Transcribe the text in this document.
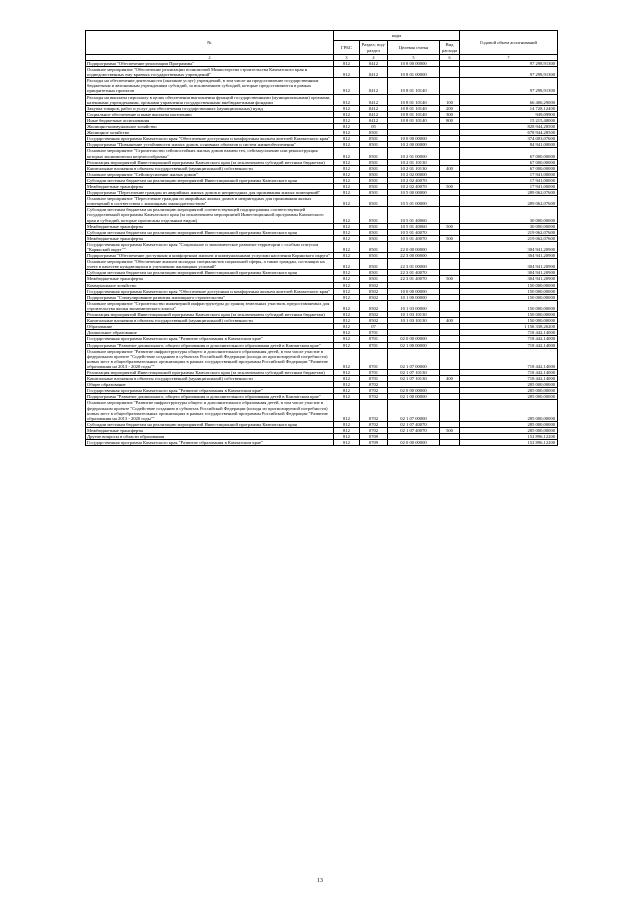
№	коды				Годовой объем ассигнований
	ГРБС	Раздел, под-раздел	Целевая статья	Вид расхода	
2	3	4	5	6	7
Подпрограмма "Обеспечение реализации Программы"	812	0412	10 8 00 00000		97 298,91300
Основное мероприятие "Обеспечение реализации полномочий Министерства строительства Камчатского края и подведомственных ему краевых государственных учреждений"	812	0412	10 8 01 00000		97 298,91300
Расходы на обеспечение деятельности (оказание услуг) учреждений, в том числе на предоставление государственным бюджетным и автономным учреждениям субсидий, за исключением субсидий, которые предоставляются в рамках приоритетных проектов	812	0412	10 8 01 10140		97 298,91300
Расходы на выплаты персоналу в целях обеспечения выполнения функций государственными (муниципальными) органами, казенными учреждениями, органами управления государственными внебюджетными фондами	812	0412	10 8 01 10140	100	66 406,29000
Закупка товаров, работ и услуг для обеспечения государственных (муниципальных) нужд	812	0412	10 8 01 10140	200	14 728,12400
Социальное обеспечение и иные выплаты населению	812	0412	10 8 01 10140	300	949,09900
Иные бюджетные ассигнования	812	0412	10 8 01 10140	800	15 215,40000
Жилищно-коммунальное хозяйство	812	05			828 944,28500
Жилищное хозяйство	812	0501			678 944,28500
Государственная программа Камчатского края "Обеспечение доступным и комфортным жильем жителей Камчатского края"	812	0501	10 0 00 00000		374 003,07600
Подпрограмма "Повышение устойчивости жилых домов, основных объектов и систем жизнеобеспечения"	812	0501	10 2 00 00000		84 941,00000
Основное мероприятие "Строительство сейсмостойких жилых домов взамен тех, сейсмоусиление или реконструкция которых экономически нецелесообразны"	812	0501	10 2 01 00000		67 000,00000
Реализация мероприятий Инвестиционной программы Камчатского края (за исключением субсидий местным бюджетам)	812	0501	10 2 01 10130		67 000,00000
Капитальные вложения в объекты государственной (муниципальной) собственности	812	0501	10 2 01 10130	400	67 000,00000
Основное мероприятие "Сейсмоусиление жилых домов"	812	0501	10 2 02 00000		17 941,00000
Субсидии местным бюджетам на реализацию мероприятий Инвестиционной программы Камчатского края	812	0501	10 2 02 40070		17 941,00000
Межбюджетные трансферты	812	0501	10 2 02 40070	500	17 941,00000
Подпрограмма "Переселение граждан из аварийных жилых домов и непригодных для проживания жилых помещений"	812	0501	10 5 00 00000		289 062,07600
Основное мероприятие "Переселение граждан из аварийных жилых домов и непригодных для проживания жилых помещений в соответствии с жилищным законодательством"	812	0501	10 5 01 00000		289 062,07600
Субсидии местным бюджетам на реализацию мероприятий соответствующей подпрограммы соответствующей государственной программы Камчатского края (за исключением мероприятий Инвестиционной программы Камчатского края и субсидий, которые прописаны отдельным видом)	812	0501	10 5 01 40060		30 000,00000
Межбюджетные трансферты	812	0501	10 5 01 40060	500	30 000,00000
Субсидии местным бюджетам на реализацию мероприятий Инвестиционной программы Камчатского края	812	0501	10 5 01 40070		219 062,07600
Межбюджетные трансферты	812	0501	10 5 01 40070	500	219 062,07600
Государственная программа Камчатского края "Социальное и экономическое развитие территории с особым статусом "Корякский округ""	812	0501	22 0 00 00000		304 941,20900
Подпрограмма "Обеспечение доступным и комфортным жильем и коммунальными услугами населения Корякского округа"	812	0501	22 3 00 00000		304 941,20900
Основное мероприятие "Обеспечение жильем молодых специалистов социальной сферы, а также граждан, состоящих на учете в качестве нуждающихся в улучшении жилищных условий"	812	0501	22 3 01 00000		304 941,20900
Субсидии местным бюджетам на реализацию мероприятий Инвестиционной программы Камчатского края	812	0501	22 3 01 40070		304 941,20900
Межбюджетные трансферты	812	0501	22 3 01 40070	500	304 941,20900
Коммунальное хозяйство	812	0502			150 000,00000
Государственная программа Камчатского края "Обеспечение доступным и комфортным жильем жителей Камчатского края"	812	0502	10 0 00 00000		150 000,00000
Подпрограмма "Стимулирование развития жилищного строительства"	812	0502	10 1 00 00000		150 000,00000
Основное мероприятие "Строительство инженерной инфраструктуры до границ земельных участков, предоставляемых для строительства жилья экономического класса"	812	0502	10 1 03 00000		150 000,00000
Реализация мероприятий Инвестиционной программы Камчатского края (за исключением субсидий местным бюджетам)	812	0502	10 1 03 10130		150 000,00000
Капитальные вложения в объекты государственной (муниципальной) собственности	812	0502	10 1 03 10130	400	150 000,00000
Образование	812	07			1 156 338,26200
Дошкольное образование	812	0701			718 442,14000
Государственная программа Камчатского края "Развитие образования в Камчатском крае"	812	0701	02 0 00 00000		718 442,14000
Подпрограмма "Развитие дошкольного, общего образования и дополнительного образования детей в Камчатском крае"	812	0701	02 1 00 00000		718 442,14000
Основное мероприятие "Развитие инфраструктуры общего и дополнительного образования детей, в том числе участие в федеральном проекте "Содействие созданию в субъектах Российской Федерации (исходя из прогнозируемой потребности) новых мест в общеобразовательных организациях в рамках государственной программы Российской Федерации "Развитие образования на 2013 - 2020 годы""	812	0701	02 1 07 00000		718 442,14000
Реализация мероприятий Инвестиционной программы Камчатского края (за исключением субсидий местным бюджетам)	812	0701	02 1 07 10130		718 442,14000
Капитальные вложения в объекты государственной (муниципальной) собственности	812	0701	02 1 07 10130	400	718 442,14000
Общее образование	812	0702			285 000,00000
Государственная программа Камчатского края "Развитие образования в Камчатском крае"	812	0702	02 0 00 00000		285 000,00000
Подпрограмма "Развитие дошкольного, общего образования и дополнительного образования детей в Камчатском крае"	812	0702	02 1 00 00000		285 000,00000
Основное мероприятие "Развитие инфраструктуры общего и дополнительного образования детей, в том числе участие в федеральном проекте "Содействие созданию в субъектах Российской Федерации (исходя из прогнозируемой потребности) новых мест в общеобразовательных организациях в рамках государственной программы Российской Федерации "Развитие образования на 2013 - 2020 годы""	812	0702	02 1 07 00000		285 000,00000
Субсидии местным бюджетам на реализацию мероприятий Инвестиционной программы Камчатского края	812	0702	02 1 07 40070		285 000,00000
Межбюджетные трансферты	812	0702	02 1 07 40070	500	285 000,00000
Другие вопросы в области образования	812	0709			152 896,12200
Государственная программа Камчатского края "Развитие образования в Камчатском крае"	812	0709	02 0 00 00000		152 896,12200
13
